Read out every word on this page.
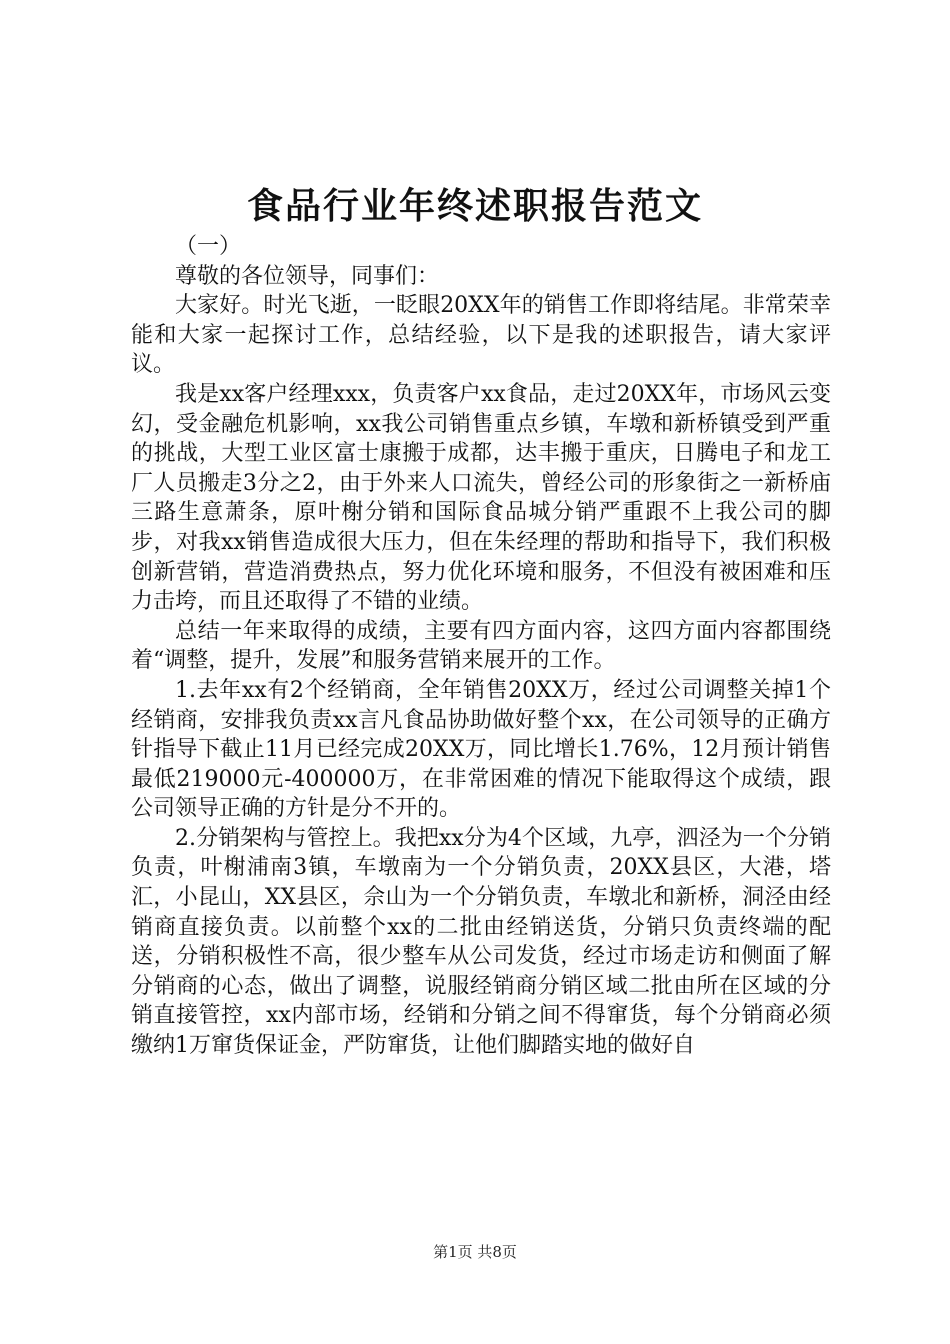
食品行业年终述职报告范文

（一）

尊敬的各位领导，同事们：

大家好。时光飞逝，一眨眼20XX年的销售工作即将结尾。非常荣幸能和大家一起探讨工作，总结经验，以下是我的述职报告，请大家评议。

我是xx客户经理xxx，负责客户xx食品，走过20XX年，市场风云变幻，受金融危机影响，xx我公司销售重点乡镇，车墩和新桥镇受到严重的挑战，大型工业区富士康搬于成都，达丰搬于重庆，日腾电子和龙工厂人员搬走3分之2，由于外来人口流失，曾经公司的形象街之一新桥庙三路生意萧条，原叶榭分销和国际食品城分销严重跟不上我公司的脚步，对我xx销售造成很大压力，但在朱经理的帮助和指导下，我们积极创新营销，营造消费热点，努力优化环境和服务，不但没有被困难和压力击垮，而且还取得了不错的业绩。

总结一年来取得的成绩，主要有四方面内容，这四方面内容都围绕着“调整，提升，发展”和服务营销来展开的工作。

1.去年xx有2个经销商，全年销售20XX万，经过公司调整关掉1个经销商，安排我负责xx言凡食品协助做好整个xx，在公司领导的正确方针指导下截止11月已经完成20XX万，同比增长1.76%，12月预计销售最低219000元-400000万，在非常困难的情况下能取得这个成绩，跟公司领导正确的方针是分不开的。

2.分销架构与管控上。我把xx分为4个区域，九亭，泗泾为一个分销负责，叶榭浦南3镇，车墩南为一个分销负责，20XX县区，大港，塔汇，小昆山，XX县区，佘山为一个分销负责，车墩北和新桥，洞泾由经销商直接负责。以前整个xx的二批由经销送货，分销只负责终端的配送，分销积极性不高，很少整车从公司发货，经过市场走访和侧面了解分销商的心态，做出了调整，说服经销商分销区域二批由所在区域的分销直接管控，xx内部市场，经销和分销之间不得窜货，每个分销商必须缴纳1万窜货保证金，严防窜货，让他们脚踏实地的做好自

第1页 共8页
